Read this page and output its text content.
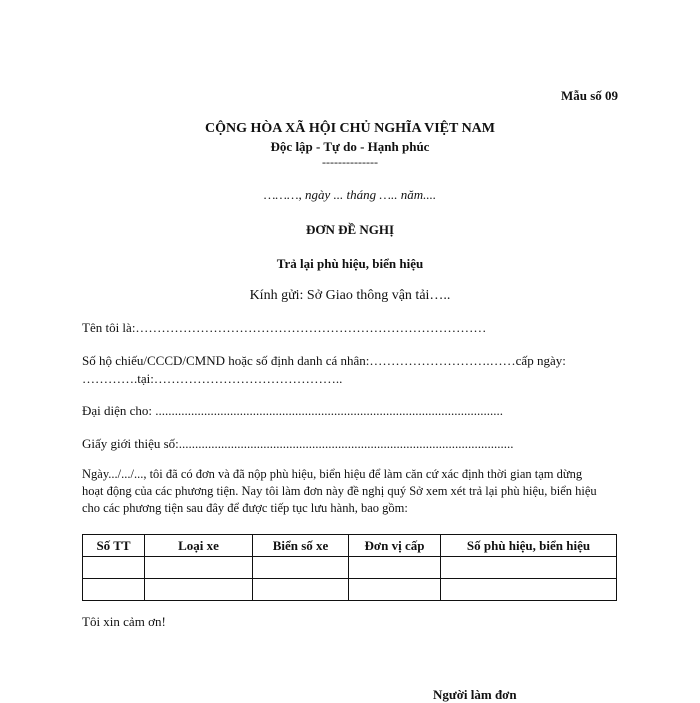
Mẫu số 09
CỘNG HÒA XÃ HỘI CHỦ NGHĨA VIỆT NAM
Độc lập - Tự do - Hạnh phúc
--------------
………, ngày ... tháng ….. năm....
ĐƠN ĐỀ NGHỊ
Trả lại phù hiệu, biển hiệu
Kính gửi: Sở Giao thông vận tải…..
Tên tôi là:………………………………………………………………………
Số hộ chiếu/CCCD/CMND hoặc số định danh cá nhân:……………………….……cấp ngày:
………….tại:……………………………………..
Đại diện cho: ...........................................................................................................
Giấy giới thiệu số:.......................................................................................................
Ngày.../.../..., tôi đã có đơn và đã nộp phù hiệu, biển hiệu để làm căn cứ xác định thời gian tạm dừng hoạt động của các phương tiện. Nay tôi làm đơn này đề nghị quý Sở xem xét trả lại phù hiệu, biển hiệu cho các phương tiện sau đây để được tiếp tục lưu hành, bao gồm:
Số TT	Loại xe	Biển số xe	Đơn vị cấp	Số phù hiệu, biển hiệu

Tôi xin cảm ơn!
Người làm đơn
